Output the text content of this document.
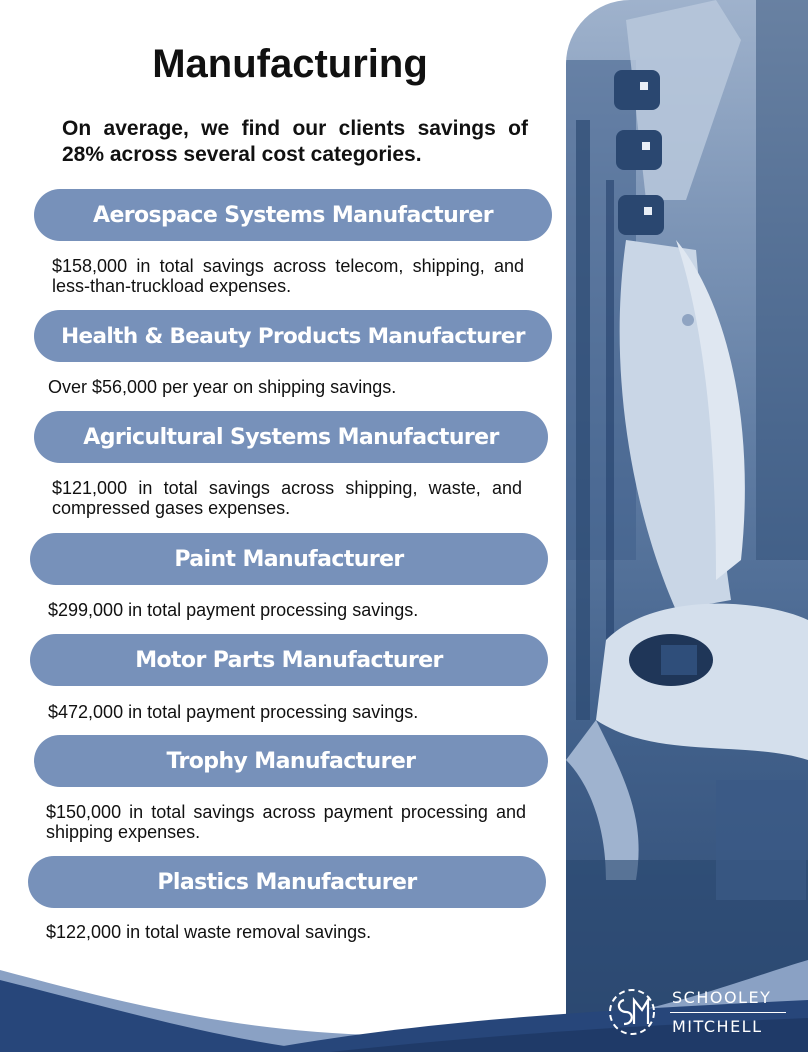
Manufacturing

On average, we find our clients savings of 28% across several cost categories.

Aerospace Systems Manufacturer

$158,000 in total savings across telecom, shipping, and less-than-truckload expenses.

Health & Beauty Products Manufacturer

Over $56,000 per year on shipping savings.

Agricultural Systems Manufacturer

$121,000 in total savings across shipping, waste, and compressed gases expenses.

Paint Manufacturer

$299,000 in total payment processing savings.

Motor Parts Manufacturer

$472,000 in total payment processing savings.

Trophy Manufacturer

$150,000 in total savings across payment processing and shipping expenses.

Plastics Manufacturer

$122,000 in total waste removal savings.

SCHOOLEY
MITCHELL
